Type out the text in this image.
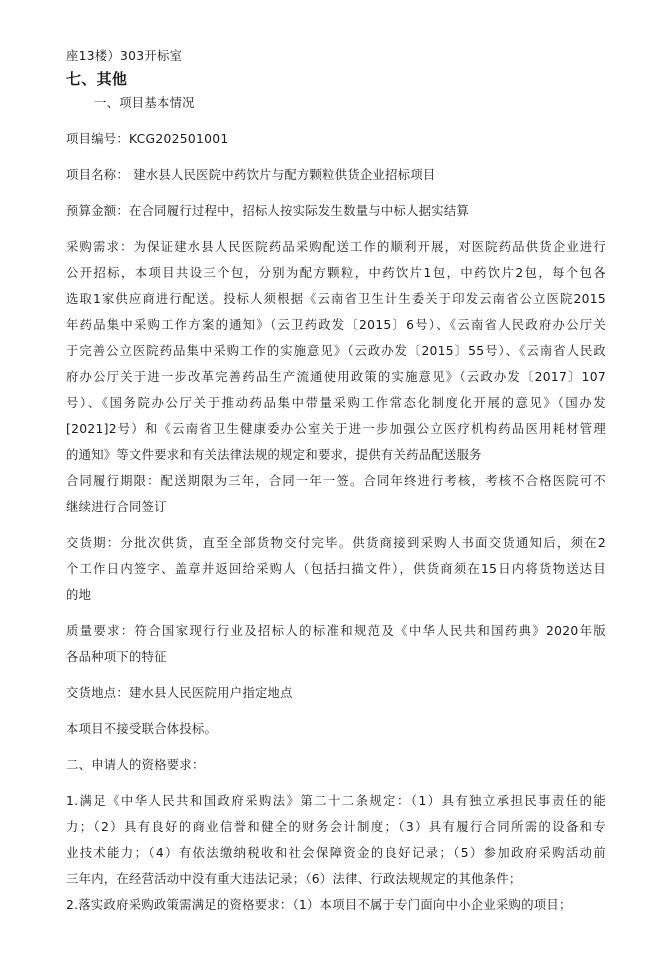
座13楼）303开标室
七、其他
一、项目基本情况
项目编号：KCG202501001
项目名称： 建水县人民医院中药饮片与配方颗粒供货企业招标项目
预算金额：在合同履行过程中，招标人按实际发生数量与中标人据实结算
采购需求：为保证建水县人民医院药品采购配送工作的顺利开展，对医院药品供货企业进行
公开招标，本项目共设三个包，分别为配方颗粒，中药饮片1包，中药饮片2包，每个包各
选取1家供应商进行配送。投标人须根据《云南省卫生计生委关于印发云南省公立医院2015
年药品集中采购工作方案的通知》（云卫药政发〔2015〕6号）、《云南省人民政府办公厅关
于完善公立医院药品集中采购工作的实施意见》（云政办发〔2015〕55号）、《云南省人民政
府办公厅关于进一步改革完善药品生产流通使用政策的实施意见》（云政办发〔2017〕107
号）、《国务院办公厅关于推动药品集中带量采购工作常态化制度化开展的意见》（国办发
[2021]2号）和《云南省卫生健康委办公室关于进一步加强公立医疗机构药品医用耗材管理
的通知》等文件要求和有关法律法规的规定和要求，提供有关药品配送服务
合同履行期限：配送期限为三年，合同一年一签。合同年终进行考核，考核不合格医院可不
继续进行合同签订
交货期：分批次供货，直至全部货物交付完毕。供货商接到采购人书面交货通知后，须在2
个工作日内签字、盖章并返回给采购人（包括扫描文件），供货商须在15日内将货物送达目
的地
质量要求：符合国家现行行业及招标人的标准和规范及《中华人民共和国药典》2020年版
各品种项下的特征
交货地点：建水县人民医院用户指定地点
本项目不接受联合体投标。
二、申请人的资格要求：
1.满足《中华人民共和国政府采购法》第二十二条规定：（1）具有独立承担民事责任的能
力；（2）具有良好的商业信誉和健全的财务会计制度；（3）具有履行合同所需的设备和专
业技术能力；（4）有依法缴纳税收和社会保障资金的良好记录；（5）参加政府采购活动前
三年内，在经营活动中没有重大违法记录；（6）法律、行政法规规定的其他条件；
2.落实政府采购政策需满足的资格要求：（1）本项目不属于专门面向中小企业采购的项目；
